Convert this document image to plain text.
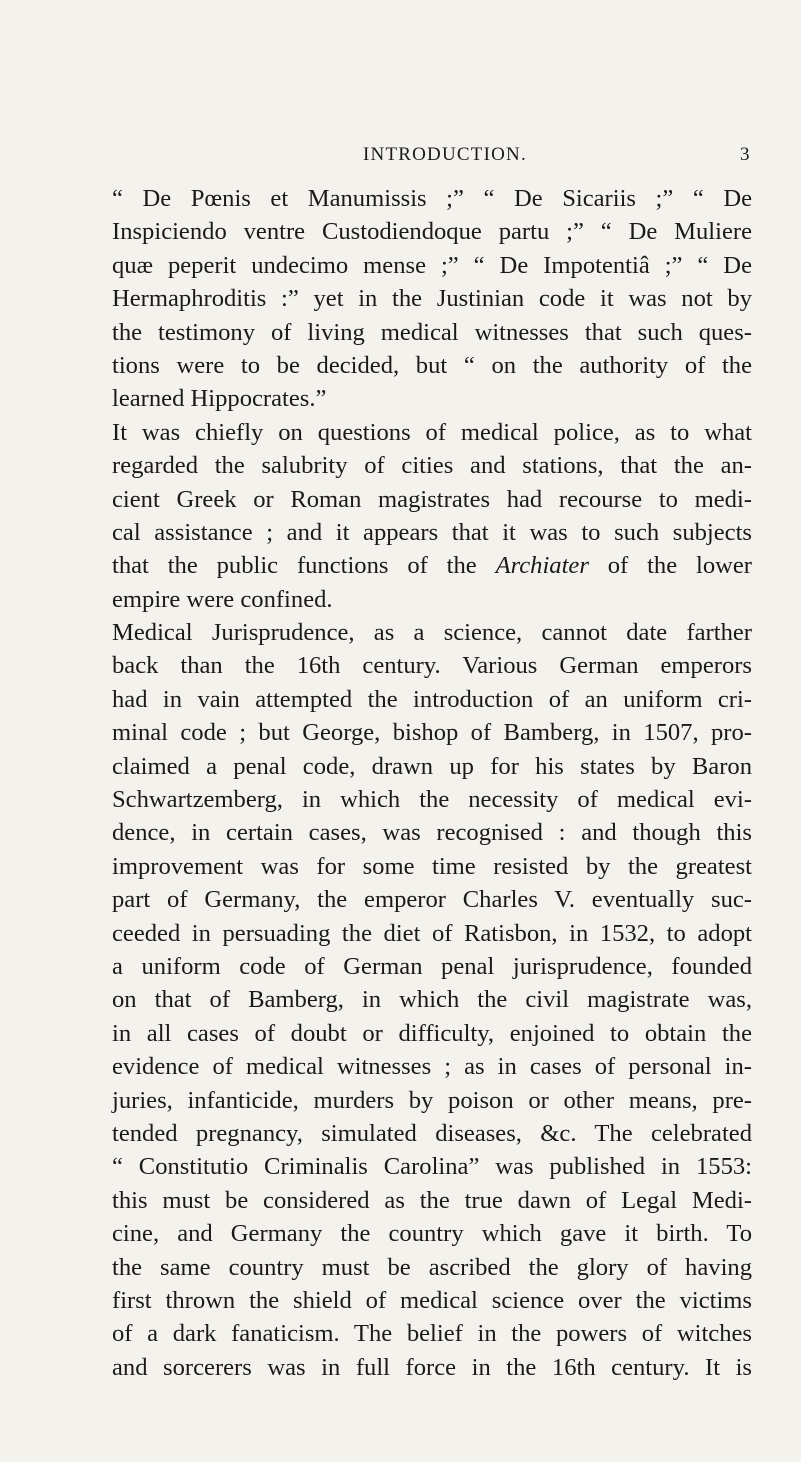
INTRODUCTION.	3
“ De Pœnis et Manumissis ;” “ De Sicariis ;” “ De
Inspiciendo ventre Custodiendoque partu ;” “ De Muliere
quæ peperit undecimo mense ;” “ De Impotentiâ ;” “ De
Hermaphroditis :” yet in the Justinian code it was not by
the testimony of living medical witnesses that such ques-
tions were to be decided, but “ on the authority of the
learned Hippocrates.”
It was chiefly on questions of medical police, as to what
regarded the salubrity of cities and stations, that the an-
cient Greek or Roman magistrates had recourse to medi-
cal assistance ; and it appears that it was to such subjects
that the public functions of the Archiater of the lower
empire were confined.
Medical Jurisprudence, as a science, cannot date farther
back than the 16th century. Various German emperors
had in vain attempted the introduction of an uniform cri-
minal code ; but George, bishop of Bamberg, in 1507, pro-
claimed a penal code, drawn up for his states by Baron
Schwartzemberg, in which the necessity of medical evi-
dence, in certain cases, was recognised : and though this
improvement was for some time resisted by the greatest
part of Germany, the emperor Charles V. eventually suc-
ceeded in persuading the diet of Ratisbon, in 1532, to adopt
a uniform code of German penal jurisprudence, founded
on that of Bamberg, in which the civil magistrate was,
in all cases of doubt or difficulty, enjoined to obtain the
evidence of medical witnesses ; as in cases of personal in-
juries, infanticide, murders by poison or other means, pre-
tended pregnancy, simulated diseases, &c. The celebrated
“ Constitutio Criminalis Carolina” was published in 1553:
this must be considered as the true dawn of Legal Medi-
cine, and Germany the country which gave it birth. To
the same country must be ascribed the glory of having
first thrown the shield of medical science over the victims
of a dark fanaticism. The belief in the powers of witches
and sorcerers was in full force in the 16th century. It is
